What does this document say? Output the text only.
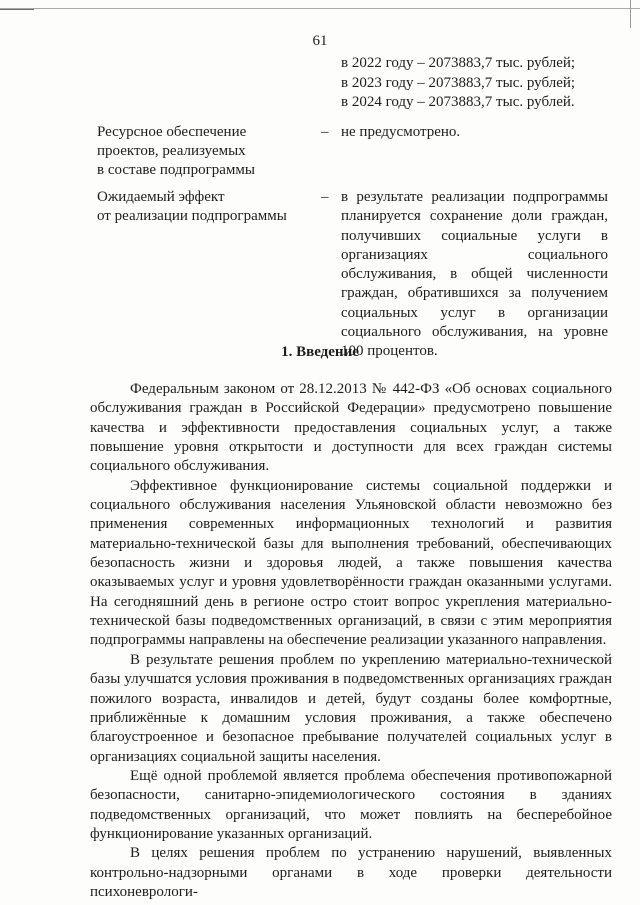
61
в 2022 году – 2073883,7 тыс. рублей;
в 2023 году – 2073883,7 тыс. рублей;
в 2024 году – 2073883,7 тыс. рублей.
Ресурсное обеспечение
проектов, реализуемых
в составе подпрограммы
– не предусмотрено.
Ожидаемый эффект
от реализации подпрограммы
– в результате реализации подпрограммы планируется сохранение доли граждан, получивших социальные услуги в организациях социального обслуживания, в общей численности граждан, обратившихся за получением социальных услуг в организации социального обслуживания, на уровне 100 процентов.
1. Введение

Федеральным законом от 28.12.2013 № 442-ФЗ «Об основах социального обслуживания граждан в Российской Федерации» предусмотрено повышение качества и эффективности предоставления социальных услуг, а также повышение уровня открытости и доступности для всех граждан системы социального обслуживания.

Эффективное функционирование системы социальной поддержки и социального обслуживания населения Ульяновской области невозможно без применения современных информационных технологий и развития материально-технической базы для выполнения требований, обеспечивающих безопасность жизни и здоровья людей, а также повышения качества оказываемых услуг и уровня удовлетворённости граждан оказанными услугами. На сегодняшний день в регионе остро стоит вопрос укрепления материально-технической базы подведомственных организаций, в связи с этим мероприятия подпрограммы направлены на обеспечение реализации указанного направления.

В результате решения проблем по укреплению материально-технической базы улучшатся условия проживания в подведомственных организациях граждан пожилого возраста, инвалидов и детей, будут созданы более комфортные, приближённые к домашним условия проживания, а также обеспечено благоустроенное и безопасное пребывание получателей социальных услуг в организациях социальной защиты населения.

Ещё одной проблемой является проблема обеспечения противопожарной безопасности, санитарно-эпидемиологического состояния в зданиях подведомственных организаций, что может повлиять на бесперебойное функционирование указанных организаций.

В целях решения проблем по устранению нарушений, выявленных контрольно-надзорными органами в ходе проверки деятельности психоневрологи-
